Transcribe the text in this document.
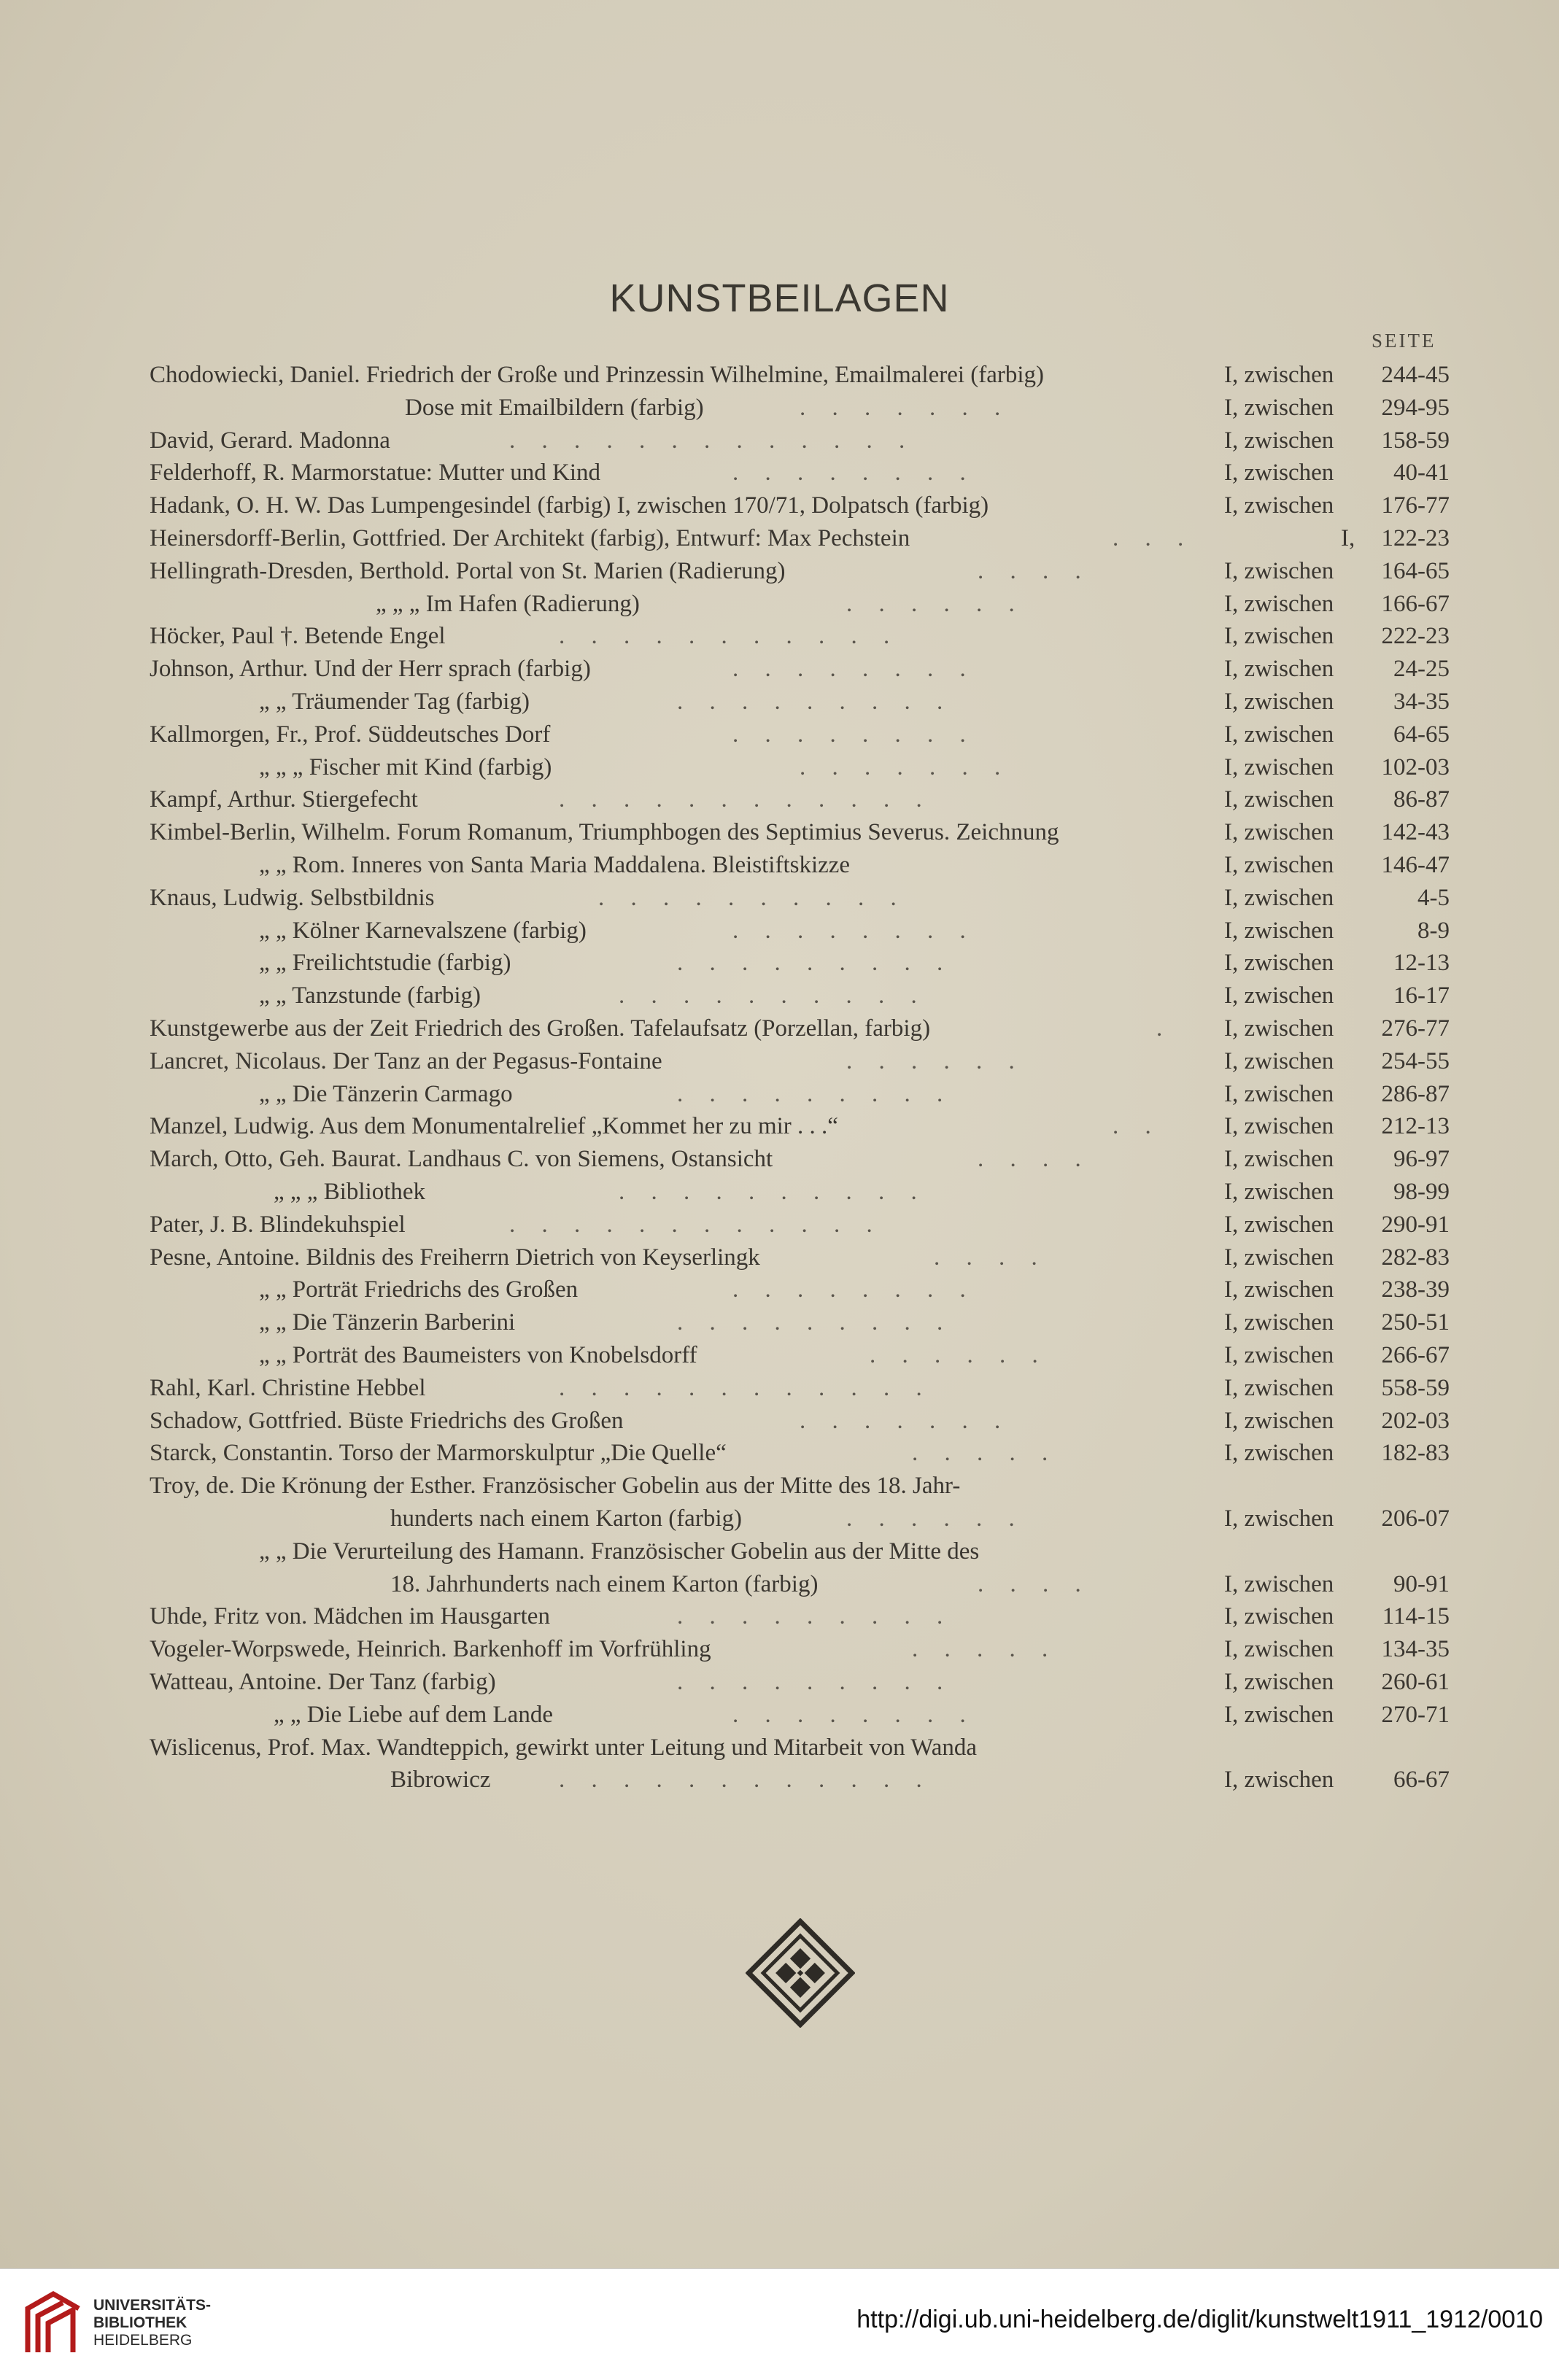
KUNSTBEILAGEN
SEITE
Chodowiecki, Daniel. Friedrich der Große und Prinzessin Wilhelmine, Emailmalerei (farbig)	I, zwischen 244-45
Dose mit Emailbildern (farbig)	. . . . . . .	I, zwischen 294-95
David, Gerard. Madonna	. . . . . . . . . . . . .	I, zwischen 158-59
Felderhoff, R. Marmorstatue: Mutter und Kind	. . . . . . . .	I, zwischen 40-41
Hadank, O. H. W. Das Lumpengesindel (farbig) I, zwischen 170/71, Dolpatsch (farbig)	I, zwischen 176-77
Heinersdorff-Berlin, Gottfried. Der Architekt (farbig), Entwurf: Max Pechstein	. . .	I, 122-23
Hellingrath-Dresden, Berthold. Portal von St. Marien (Radierung)	. . . .	I, zwischen 164-65
„ „ „ Im Hafen (Radierung)	. . . . . .	I, zwischen 166-67
Höcker, Paul †. Betende Engel	. . . . . . . . . . .	I, zwischen 222-23
Johnson, Arthur. Und der Herr sprach (farbig)	. . . . . . . .	I, zwischen 24-25
„ „ Träumender Tag (farbig)	. . . . . . . . .	I, zwischen 34-35
Kallmorgen, Fr., Prof. Süddeutsches Dorf	. . . . . . . .	I, zwischen 64-65
„ „ „ Fischer mit Kind (farbig)	. . . . . . .	I, zwischen 102-03
Kampf, Arthur. Stiergefecht	. . . . . . . . . . . .	I, zwischen 86-87
Kimbel-Berlin, Wilhelm. Forum Romanum, Triumphbogen des Septimius Severus. Zeichnung	I, zwischen 142-43
„ „ Rom. Inneres von Santa Maria Maddalena. Bleistiftskizze	I, zwischen 146-47
Knaus, Ludwig. Selbstbildnis	. . . . . . . . . .	I, zwischen	4-5
„ „ Kölner Karnevalszene (farbig)	. . . . . . . .	I, zwischen	8-9
„ „ Freilichtstudie (farbig)	. . . . . . . . .	I, zwischen 12-13
„ „ Tanzstunde (farbig)	. . . . . . . . . .	I, zwischen 16-17
Kunstgewerbe aus der Zeit Friedrich des Großen. Tafelaufsatz (Porzellan, farbig)	. I, zwischen 276-77
Lancret, Nicolaus. Der Tanz an der Pegasus-Fontaine	. . . . . .	I, zwischen 254-55
„ „ Die Tänzerin Carmago	. . . . . . . . .	I, zwischen 286-87
Manzel, Ludwig. Aus dem Monumentalrelief „Kommet her zu mir . . .“	. .	I, zwischen 212-13
March, Otto, Geh. Baurat. Landhaus C. von Siemens, Ostansicht	. . . .	I, zwischen 96-97
„ „ „ Bibliothek	. . . . . . . . . .	I, zwischen 98-99
Pater, J. B. Blindekuhspiel	. . . . . . . . . . . .	I, zwischen 290-91
Pesne, Antoine. Bildnis des Freiherrn Dietrich von Keyserlingk	. . . .	I, zwischen 282-83
„ „ Porträt Friedrichs des Großen	. . . . . . . .	I, zwischen 238-39
„ „ Die Tänzerin Barberini	. . . . . . . . .	I, zwischen 250-51
„ „ Porträt des Baumeisters von Knobelsdorff	. . . . . .	I, zwischen 266-67
Rahl, Karl. Christine Hebbel	. . . . . . . . . . . .	I, zwischen 558-59
Schadow, Gottfried. Büste Friedrichs des Großen	. . . . . . .	I, zwischen 202-03
Starck, Constantin. Torso der Marmorskulptur „Die Quelle“	. . . . .	I, zwischen 182-83
Troy, de. Die Krönung der Esther. Französischer Gobelin aus der Mitte des 18. Jahr-
hunderts nach einem Karton (farbig)	. . . . . .	I, zwischen 206-07
„ „ Die Verurteilung des Hamann. Französischer Gobelin aus der Mitte des
18. Jahrhunderts nach einem Karton (farbig)	. . . .	I, zwischen 90-91
Uhde, Fritz von. Mädchen im Hausgarten	. . . . . . . . .	I, zwischen 114-15
Vogeler-Worpswede, Heinrich. Barkenhoff im Vorfrühling	. . . . .	I, zwischen 134-35
Watteau, Antoine. Der Tanz (farbig)	. . . . . . . . .	I, zwischen 260-61
„ „ Die Liebe auf dem Lande	. . . . . . . .	I, zwischen 270-71
Wislicenus, Prof. Max. Wandteppich, gewirkt unter Leitung und Mitarbeit von Wanda
Bibrowicz	. . . . . . . . . . . .	I, zwischen 66-67
UNIVERSITÄTS-
BIBLIOTHEK
HEIDELBERG
http://digi.ub.uni-heidelberg.de/diglit/kunstwelt1911_1912/0010
